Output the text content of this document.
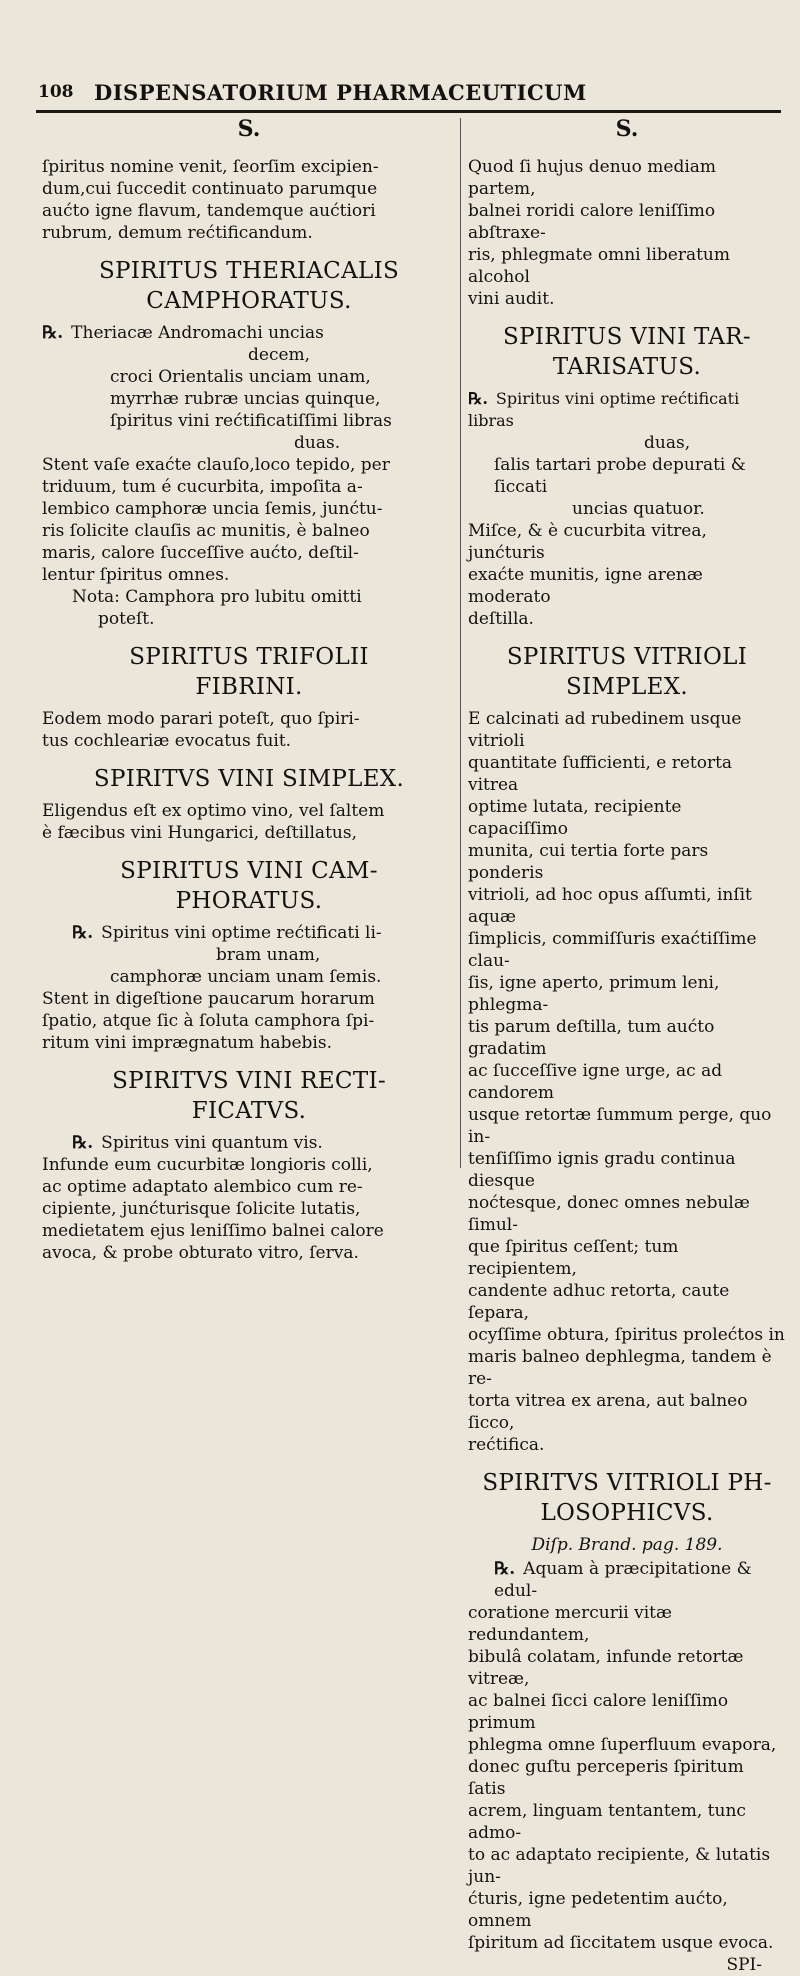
108 DISPENSATORIUM PHARMACEUTICUM
S.

ſpiritus nomine venit, ſeorſim excipien-

dum,cui ſuccedit continuato parumque

aućto igne flavum, tandemque aućtiori

rubrum, demum rećtificandum.

SPIRITUS THERIACALIS
CAMPHORATUS.

℞. Theriacæ Andromachi uncias

decem,

croci Orientalis unciam unam,

myrrhæ rubræ uncias quinque,

ſpiritus vini rećtificatiſſimi libras

duas.

Stent vaſe exaćte clauſo,loco tepido, per

triduum, tum é cucurbita, impoſita a-

lembico camphoræ uncia ſemis, junćtu-

ris ſolicite clauſis ac munitis, è balneo

maris, calore ſucceſſive aućto, deſtil-

lentur ſpiritus omnes.

Nota: Camphora pro lubitu omitti

poteſt.

SPIRITUS TRIFOLII
FIBRINI.

Eodem modo parari poteſt, quo ſpiri-

tus cochleariæ evocatus fuit.

SPIRITVS VINI SIMPLEX.

Eligendus eſt ex optimo vino, vel ſaltem

è fæcibus vini Hungarici, deſtillatus,

SPIRITUS VINI CAM-
PHORATUS.

℞. Spiritus vini optime rećtificati li-

bram unam,

camphoræ unciam unam ſemis.

Stent in digeſtione paucarum horarum

ſpatio, atque ſic à ſoluta camphora ſpi-

ritum vini imprægnatum habebis.

SPIRITVS VINI RECTI-
FICATVS.

℞. Spiritus vini quantum vis.

Infunde eum cucurbitæ longioris colli,

ac optime adaptato alembico cum re-

cipiente, junćturisque ſolicite lutatis,

medietatem ejus leniſſimo balnei calore

avoca, & probe obturato vitro, ſerva.

S.

Quod ſi hujus denuo mediam partem,

balnei roridi calore leniſſimo abſtraxe-

ris, phlegmate omni liberatum alcohol

vini audit.

SPIRITUS VINI TAR-
TARISATUS.

℞. Spiritus vini optime rećtificati libras

duas,

ſalis tartari probe depurati & ſiccati

uncias quatuor.

Miſce, & è cucurbita vitrea, junćturis

exaćte munitis, igne arenæ moderato

deſtilla.

SPIRITUS VITRIOLI
SIMPLEX.

E calcinati ad rubedinem usque vitrioli

quantitate ſufficienti, e retorta vitrea

optime lutata, recipiente capaciſſimo

munita, cui tertia forte pars ponderis

vitrioli, ad hoc opus aſſumti, inſit aquæ

ſimplicis, commiſſuris exaćtiſſime clau-

ſis, igne aperto, primum leni, phlegma-

tis parum deſtilla, tum aućto gradatim

ac ſucceſſive igne urge, ac ad candorem

usque retortæ ſummum perge, quo in-

tenſiſſimo ignis gradu continua diesque

noćtesque, donec omnes nebulæ ſimul-

que ſpiritus ceſſent; tum recipientem,

candente adhuc retorta, caute ſepara,

ocyſſime obtura, ſpiritus prolećtos in

maris balneo dephlegma, tandem è re-

torta vitrea ex arena, aut balneo ſicco,

rećtifica.

SPIRITVS VITRIOLI PH-
LOSOPHICVS.

Diſp. Brand. pag. 189.

℞. Aquam à præcipitatione & edul-

coratione mercurii vitæ redundantem,

bibulâ colatam, infunde retortæ vitreæ,

ac balnei ſicci calore leniſſimo primum

phlegma omne ſuperfluum evapora,

donec guſtu perceperis ſpiritum ſatis

acrem, linguam tentantem, tunc admo-

to ac adaptato recipiente, & lutatis jun-

ćturis, igne pedetentim aućto, omnem

ſpiritum ad ſiccitatem usque evoca.

SPI-
